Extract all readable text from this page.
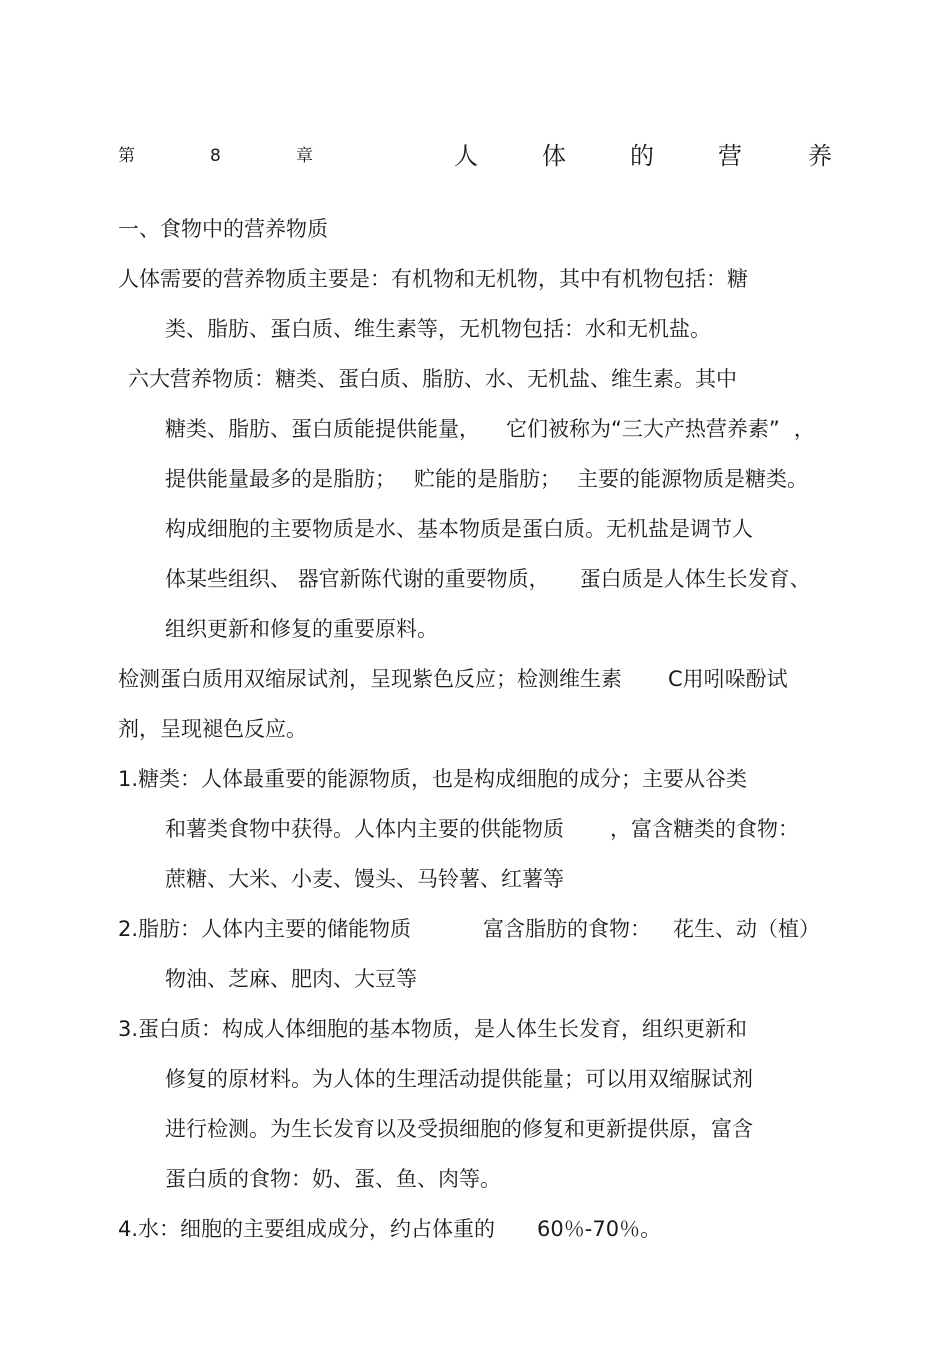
第	8	章	人	体	的	营	养
一、食物中的营养物质
人体需要的营养物质主要是：有机物和无机物，其中有机物包括：糖
类、脂肪、蛋白质、维生素等，无机物包括：水和无机盐。
六大营养物质：糖类、蛋白质、脂肪、水、无机盐、维生素。其中
糖类、脂肪、蛋白质能提供能量， 它们被称为“三大产热营养素” ，
提供能量最多的是脂肪； 贮能的是脂肪； 主要的能源物质是糖类。
构成细胞的主要物质是水、基本物质是蛋白质。无机盐是调节人
体某些组织、 器官新陈代谢的重要物质， 蛋白质是人体生长发育、
组织更新和修复的重要原料。
检测蛋白质用双缩尿试剂，呈现紫色反应；检测维生素 C用吲哚酚试
剂，呈现褪色反应。
1.糖类：人体最重要的能源物质，也是构成细胞的成分；主要从谷类
和薯类食物中获得。人体内主要的供能物质 ，富含糖类的食物：
蔗糖、大米、小麦、馒头、马铃薯、红薯等
2.脂肪：人体内主要的储能物质	富含脂肪的食物： 花生、动（植）
物油、芝麻、肥肉、大豆等
3.蛋白质：构成人体细胞的基本物质，是人体生长发育，组织更新和
修复的原材料。为人体的生理活动提供能量；可以用双缩脲试剂
进行检测。为生长发育以及受损细胞的修复和更新提供原，富含
蛋白质的食物：奶、蛋、鱼、肉等。
4.水：细胞的主要组成成分，约占体重的 60％-70％。
